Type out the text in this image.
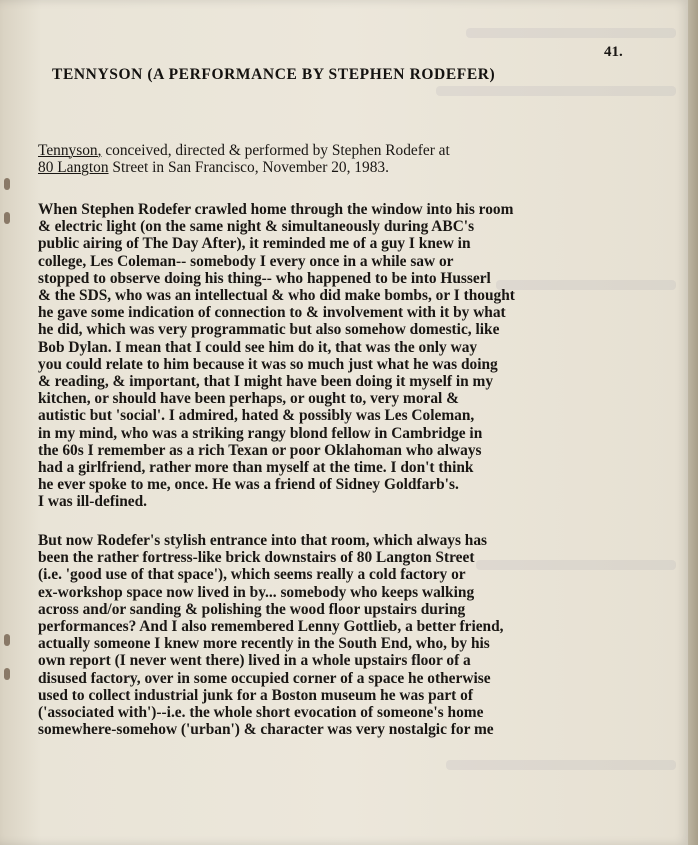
41.
TENNYSON (A PERFORMANCE BY STEPHEN RODEFER)
Tennyson, conceived, directed & performed by Stephen Rodefer at
80 Langton Street in San Francisco, November 20, 1983.
When Stephen Rodefer crawled home through the window into his room
& electric light (on the same night & simultaneously during ABC's
public airing of The Day After), it reminded me of a guy I knew in
college, Les Coleman-- somebody I every once in a while saw or
stopped to observe doing his thing-- who happened to be into Husserl
& the SDS, who was an intellectual & who did make bombs, or I thought
he gave some indication of connection to & involvement with it by what
he did, which was very programmatic but also somehow domestic, like
Bob Dylan. I mean that I could see him do it, that was the only way
you could relate to him because it was so much just what he was doing
& reading, & important, that I might have been doing it myself in my
kitchen, or should have been perhaps, or ought to, very moral &
autistic but 'social'. I admired, hated & possibly was Les Coleman,
in my mind, who was a striking rangy blond fellow in Cambridge in
the 60s I remember as a rich Texan or poor Oklahoman who always
had a girlfriend, rather more than myself at the time. I don't think
he ever spoke to me, once. He was a friend of Sidney Goldfarb's.
I was ill-defined.
But now Rodefer's stylish entrance into that room, which always has
been the rather fortress-like brick downstairs of 80 Langton Street
(i.e. 'good use of that space'), which seems really a cold factory or
ex-workshop space now lived in by... somebody who keeps walking
across and/or sanding & polishing the wood floor upstairs during
performances? And I also remembered Lenny Gottlieb, a better friend,
actually someone I knew more recently in the South End, who, by his
own report (I never went there) lived in a whole upstairs floor of a
disused factory, over in some occupied corner of a space he otherwise
used to collect industrial junk for a Boston museum he was part of
('associated with')--i.e. the whole short evocation of someone's home
somewhere-somehow ('urban') & character was very nostalgic for me
